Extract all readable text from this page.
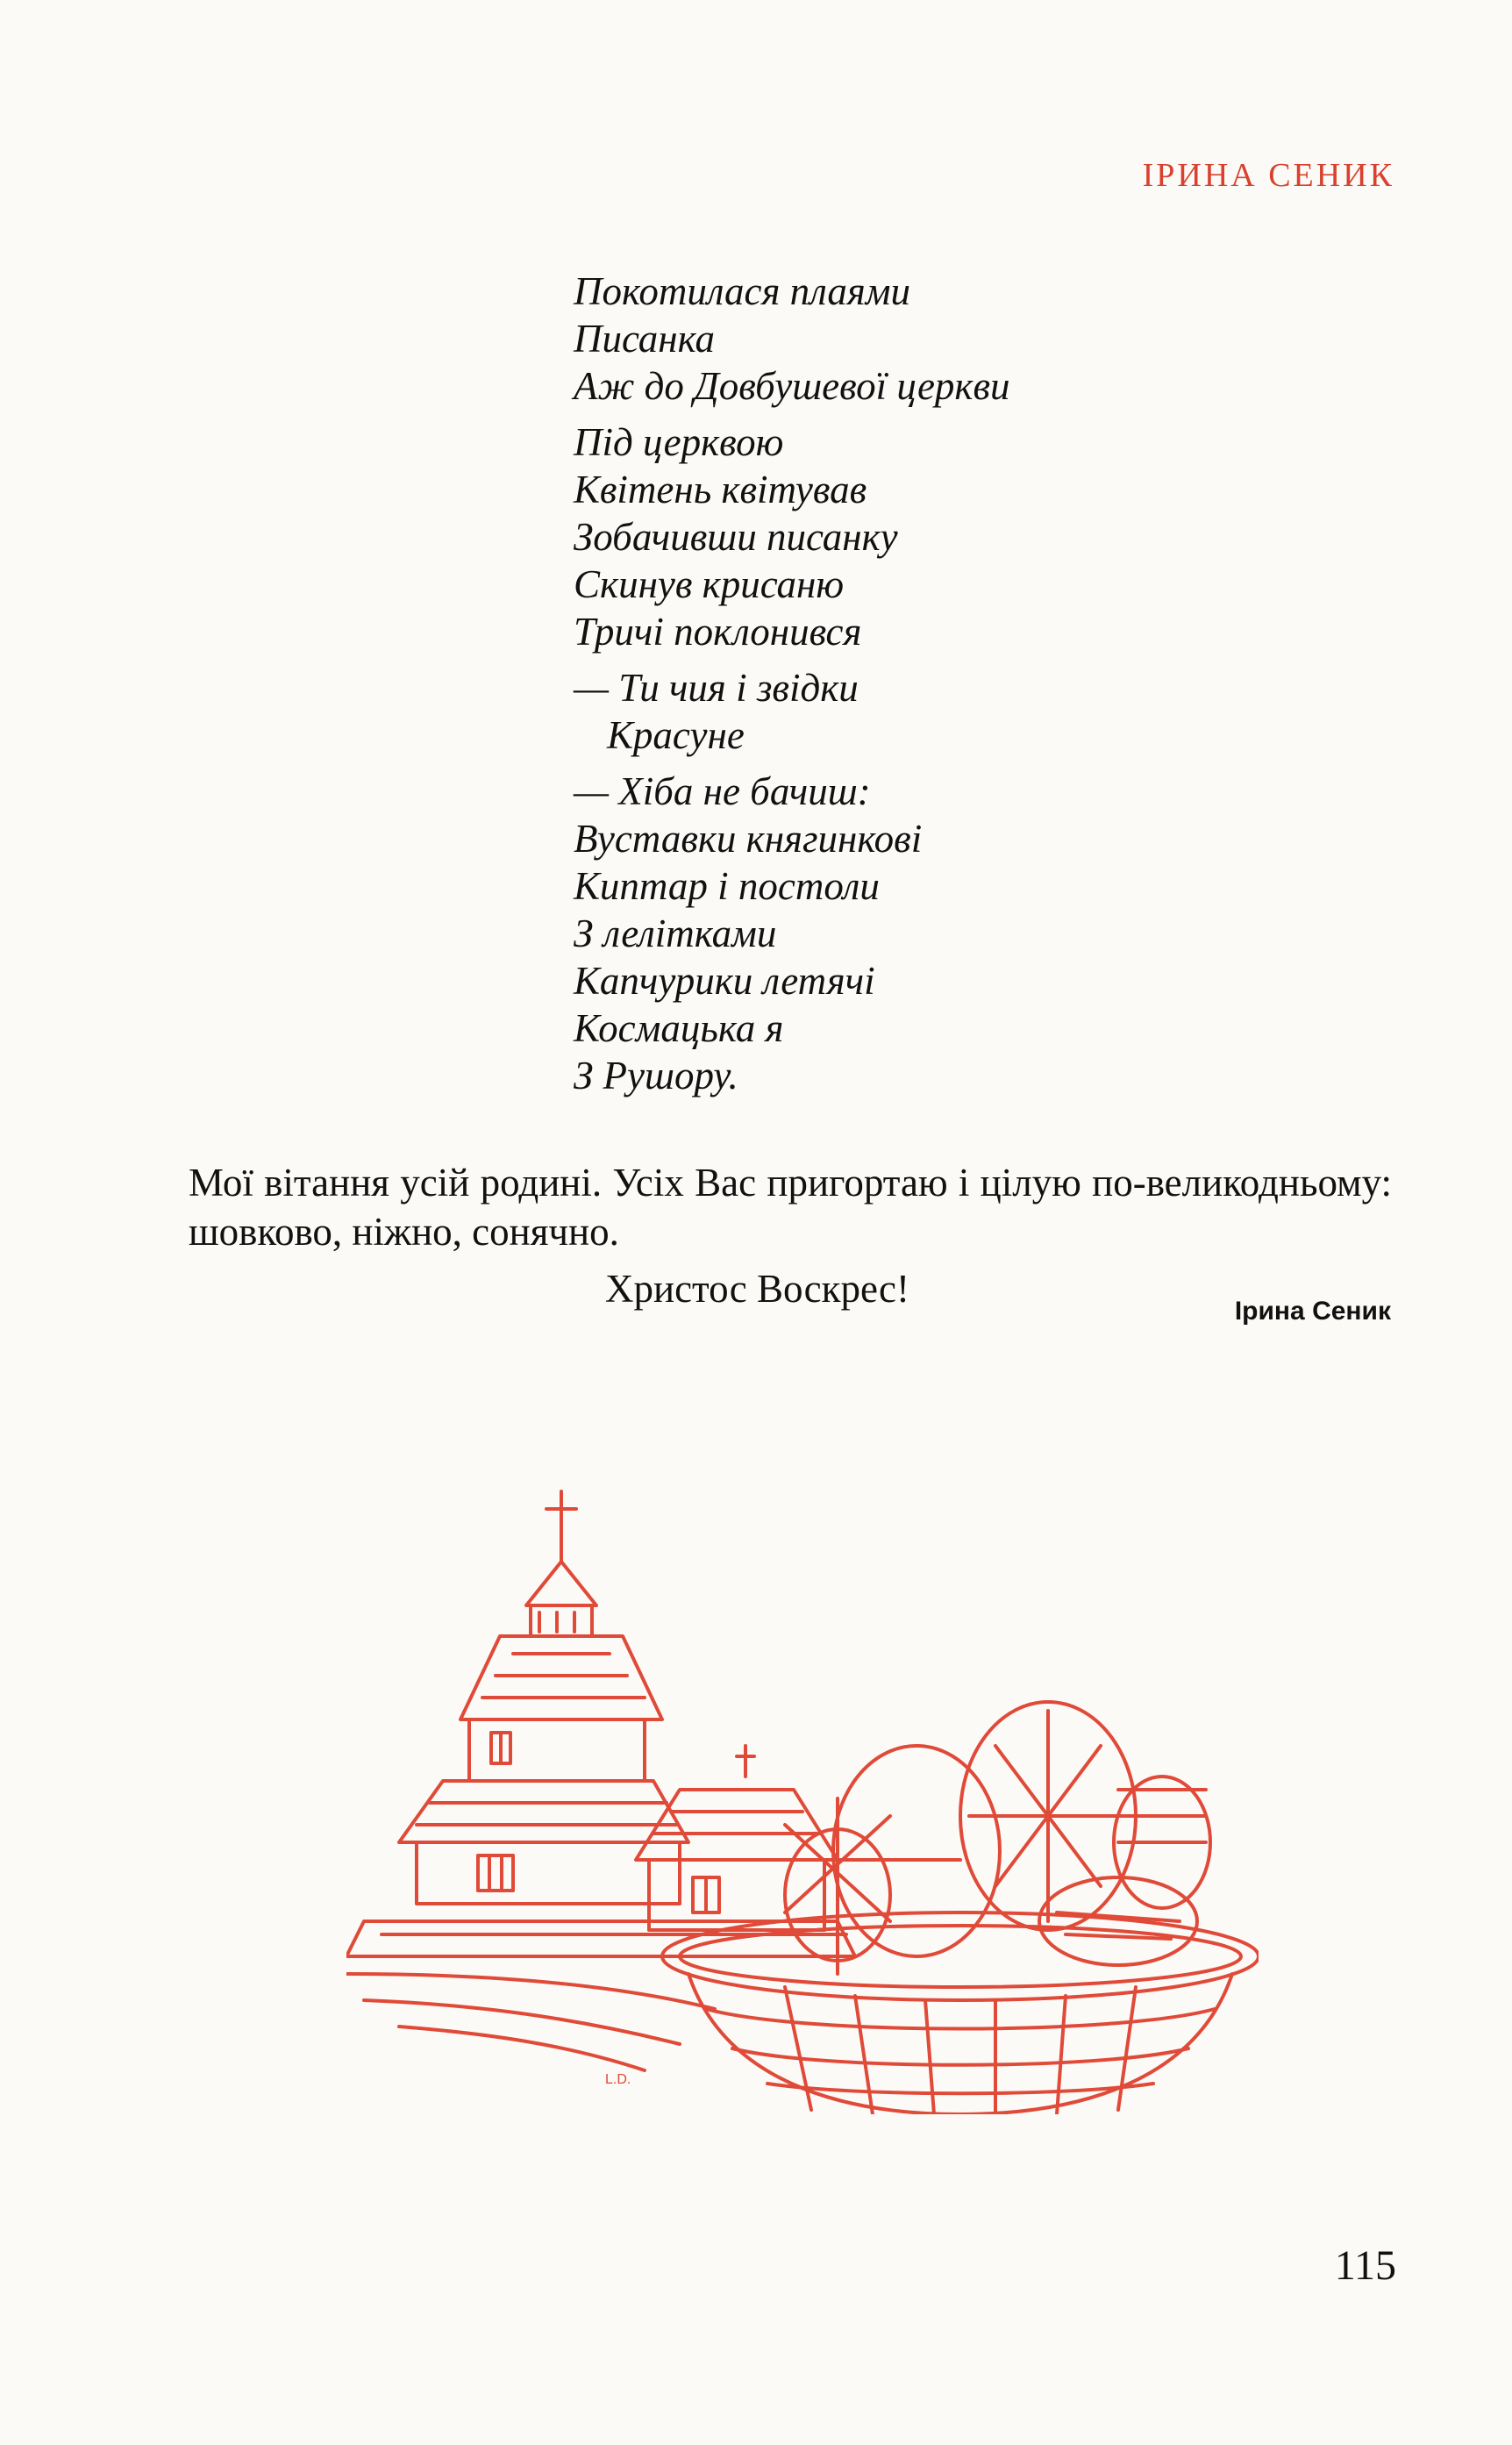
ІРИНА СЕНИК

Покотилася плаями
Писанка
Аж до Довбушевої церкви
Під церквою
Квітень квітував
Зобачивши писанку
Скинув крисаню
Тричі поклонився
— Ти чия і звідки
Красуне
— Хіба не бачиш:
Вуставки княгинкові
Киптар і постоли
З лелітками
Капчурики летячі
Космацька я
З Рушору.

Мої вітання усій родині. Усіх Вас пригортаю і цілую по-великодньому: шовково, ніжно, сонячно.

Христос Воскрес!

Ірина Сеник

L.D.

115
